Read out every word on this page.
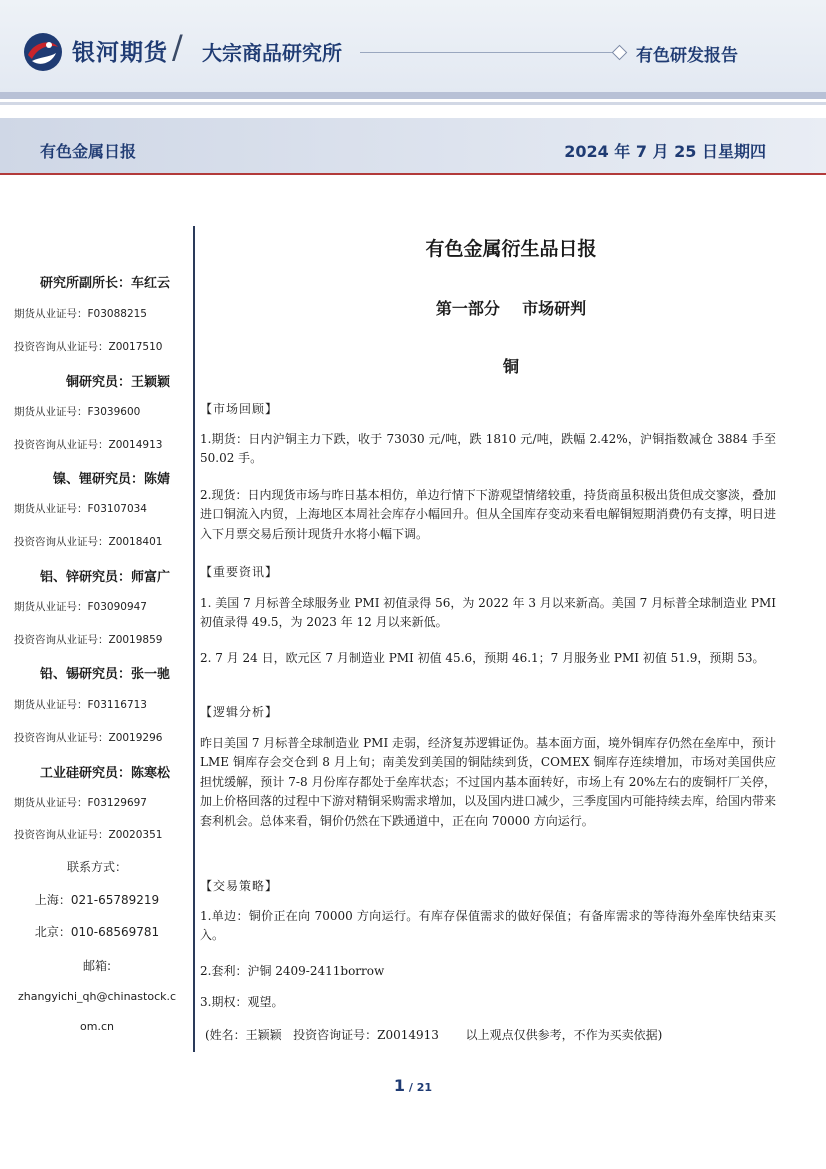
银河期货 / 大宗商品研究所	有色研发报告
有色金属日报	2024 年 7 月 25 日星期四
研究所副所长：车红云
期货从业证号：F03088215
投资咨询从业证号：Z0017510
铜研究员：王颖颖
期货从业证号：F3039600
投资咨询从业证号：Z0014913
镍、锂研究员：陈婧
期货从业证号：F03107034
投资咨询从业证号：Z0018401
铝、锌研究员：师富广
期货从业证号：F03090947
投资咨询从业证号：Z0019859
铅、锡研究员：张一驰
期货从业证号：F03116713
投资咨询从业证号：Z0019296
工业硅研究员：陈寒松
期货从业证号：F03129697
投资咨询从业证号：Z0020351
联系方式：
上海：021-65789219
北京：010-68569781
邮箱:
zhangyichi_qh@chinastock.c
om.cn
有色金属衍生品日报
第一部分    市场研判
铜
【市场回顾】
1.期货：日内沪铜主力下跌，收于 73030 元/吨，跌 1810 元/吨，跌幅 2.42%，沪铜指数减仓 3884 手至 50.02 手。
2.现货：日内现货市场与昨日基本相仿，单边行情下下游观望情绪较重，持货商虽积极出货但成交寥淡，叠加进口铜流入内贸，上海地区本周社会库存小幅回升。但从全国库存变动来看电解铜短期消费仍有支撑，明日进入下月票交易后预计现货升水将小幅下调。
【重要资讯】
1. 美国 7 月标普全球服务业 PMI 初值录得 56，为 2022 年 3 月以来新高。美国 7 月标普全球制造业 PMI 初值录得 49.5，为 2023 年 12 月以来新低。
2. 7 月 24 日，欧元区 7 月制造业 PMI 初值 45.6，预期 46.1；7 月服务业 PMI 初值 51.9，预期 53。
【逻辑分析】
昨日美国 7 月标普全球制造业 PMI 走弱，经济复苏逻辑证伪。基本面方面，境外铜库存仍然在垒库中，预计 LME 铜库存会交仓到 8 月上旬；南美发到美国的铜陆续到货，COMEX 铜库存连续增加，市场对美国供应担忧缓解，预计 7-8 月份库存都处于垒库状态；不过国内基本面转好，市场上有 20%左右的废铜杆厂关停，加上价格回落的过程中下游对精铜采购需求增加，以及国内进口减少，三季度国内可能持续去库，给国内带来套利机会。总体来看，铜价仍然在下跌通道中，正在向 70000 方向运行。
【交易策略】
1.单边：铜价正在向 70000 方向运行。有库存保值需求的做好保值；有备库需求的等待海外垒库快结束买入。
2.套利：沪铜 2409-2411borrow
3.期权：观望。
(姓名：王颖颖   投资咨询证号：Z0014913       以上观点仅供参考，不作为买卖依据)
1 / 21
